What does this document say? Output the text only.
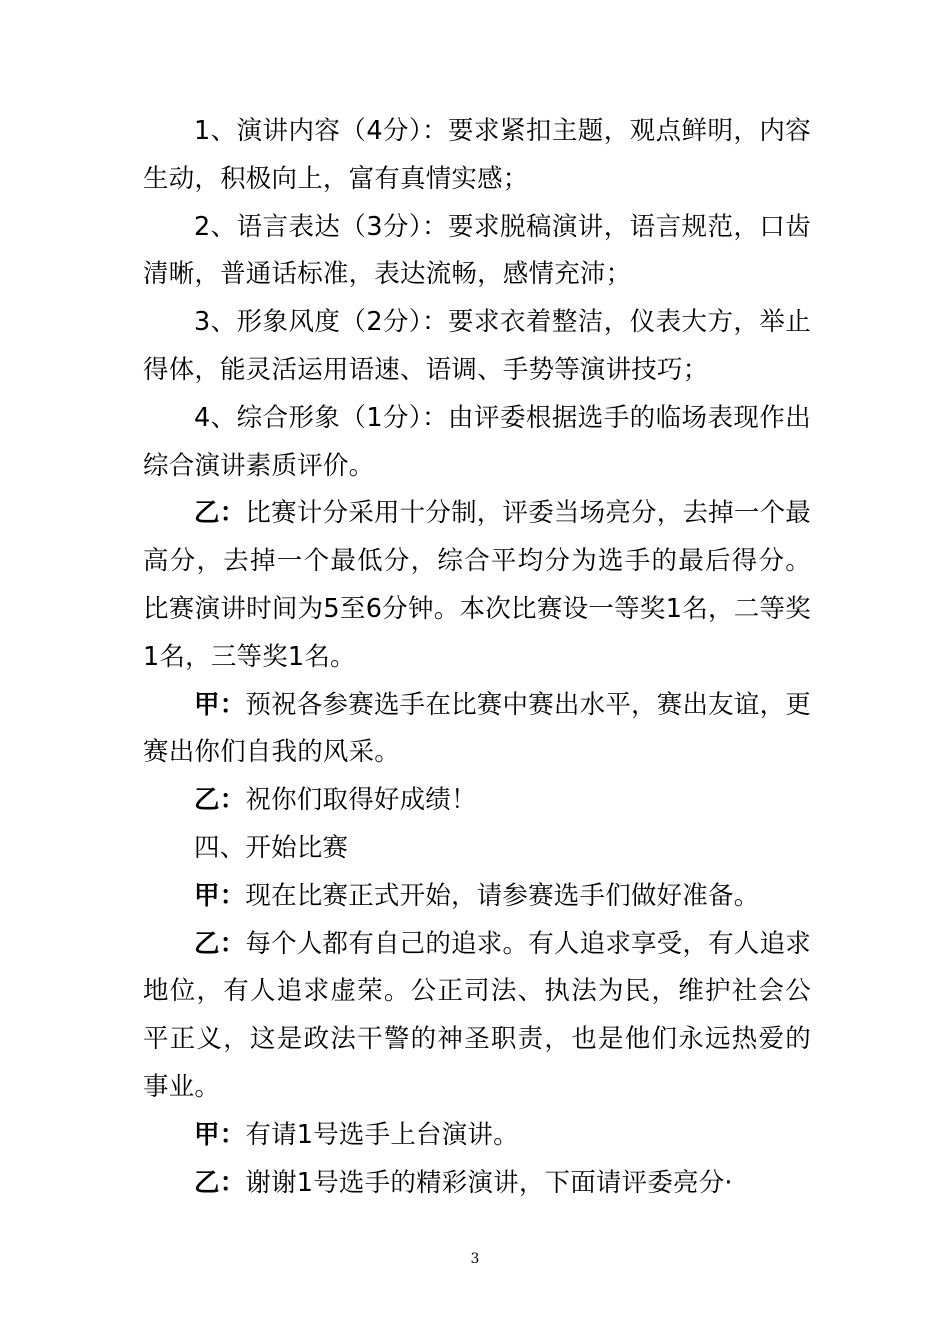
1、演讲内容（4分）：要求紧扣主题，观点鲜明，内容生动，积极向上，富有真情实感；

2、语言表达（3分）：要求脱稿演讲，语言规范，口齿清晰，普通话标准，表达流畅，感情充沛；

3、形象风度（2分）：要求衣着整洁，仪表大方，举止得体，能灵活运用语速、语调、手势等演讲技巧；

4、综合形象（1分）：由评委根据选手的临场表现作出综合演讲素质评价。

乙：比赛计分采用十分制，评委当场亮分，去掉一个最高分，去掉一个最低分，综合平均分为选手的最后得分。比赛演讲时间为5至6分钟。本次比赛设一等奖1名，二等奖1名，三等奖1名。

甲：预祝各参赛选手在比赛中赛出水平，赛出友谊，更赛出你们自我的风采。

乙：祝你们取得好成绩！

四、开始比赛

甲：现在比赛正式开始，请参赛选手们做好准备。

乙：每个人都有自己的追求。有人追求享受，有人追求地位，有人追求虚荣。公正司法、执法为民，维护社会公平正义，这是政法干警的神圣职责，也是他们永远热爱的事业。

甲：有请1号选手上台演讲。

乙：谢谢1号选手的精彩演讲，下面请评委亮分·

3
